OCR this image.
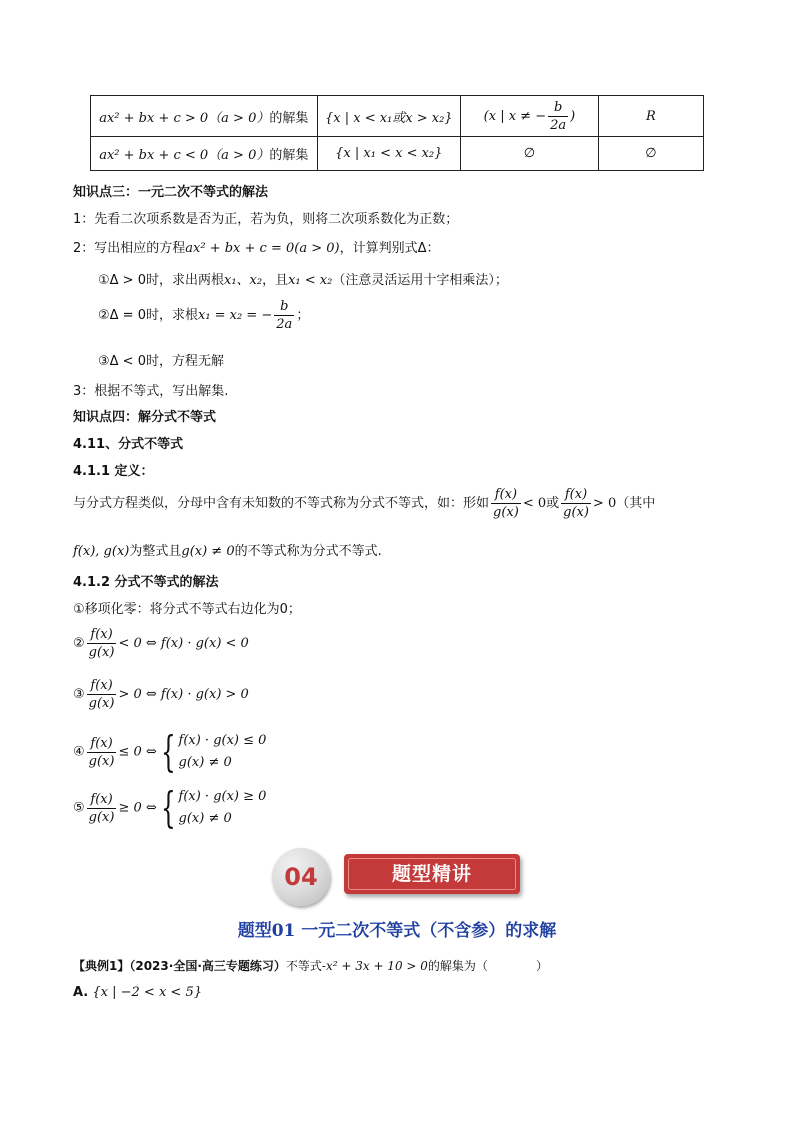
ax² + bx + c > 0（a > 0）的解集	{x | x < x₁或x > x₂}	(x | x ≠ − $\frac{b}{2a}$ )	R
ax² + bx + c < 0（a > 0）的解集	{x | x₁ < x < x₂}	∅	∅
知识点三：一元二次不等式的解法
1：先看二次项系数是否为正，若为负，则将二次项系数化为正数；
2：写出相应的方程ax² + bx + c = 0(a > 0)，计算判别式Δ：
①Δ > 0时，求出两根x₁、x₂，且x₁ < x₂（注意灵活运用十字相乘法）；
②Δ = 0时，求根x₁ = x₂ = − $\frac{b}{2a}$ ；
③Δ < 0时，方程无解
3：根据不等式，写出解集.
知识点四：解分式不等式
4.11、分式不等式
4.1.1 定义：
与分式方程类似，分母中含有未知数的不等式称为分式不等式，如：形如 $\frac{f(x)}{g(x)} < 0$或 $\frac{f(x)}{g(x)} > 0$（其中
f(x), g(x)为整式且g(x) ≠ 0的不等式称为分式不等式.
4.1.2 分式不等式的解法
①移项化零：将分式不等式右边化为0；
② $\frac{f(x)}{g(x)} < 0$ ⇔ f(x) · g(x) < 0
③ $\frac{f(x)}{g(x)} > 0$ ⇔ f(x) · g(x) > 0
④ $\frac{f(x)}{g(x)} \le 0$ ⇔{ f(x) · g(x) ≤ 0
g(x) ≠ 0
⑤ $\frac{f(x)}{g(x)} \ge 0$ ⇔{ f(x) · g(x) ≥ 0
g(x) ≠ 0
题型精讲
04
题型01 一元二次不等式（不含参）的求解
【典例1】（2023·全国·高三专题练习）不等式-x² + 3x + 10 > 0的解集为（　　　　	）
A. {x | −2 < x < 5}
